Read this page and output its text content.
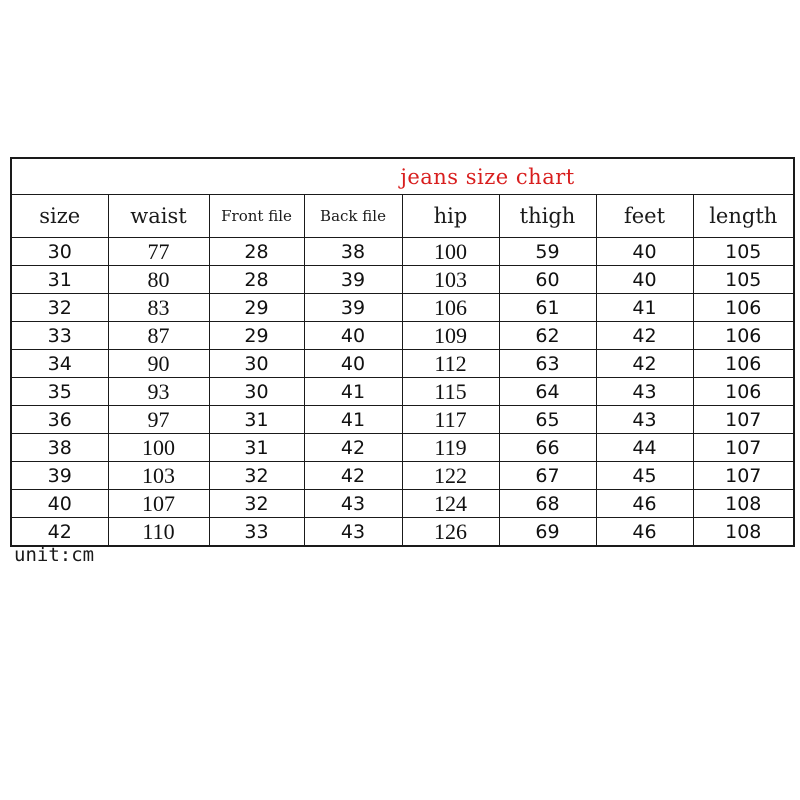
jeans size chart							
size	waist	Front file	Back file	hip	thigh	feet	length
30	77	28	38	100	59	40	105
31	80	28	39	103	60	40	105
32	83	29	39	106	61	41	106
33	87	29	40	109	62	42	106
34	90	30	40	112	63	42	106
35	93	30	41	115	64	43	106
36	97	31	41	117	65	43	107
38	100	31	42	119	66	44	107
39	103	32	42	122	67	45	107
40	107	32	43	124	68	46	108
42	110	33	43	126	69	46	108
unit:cm
